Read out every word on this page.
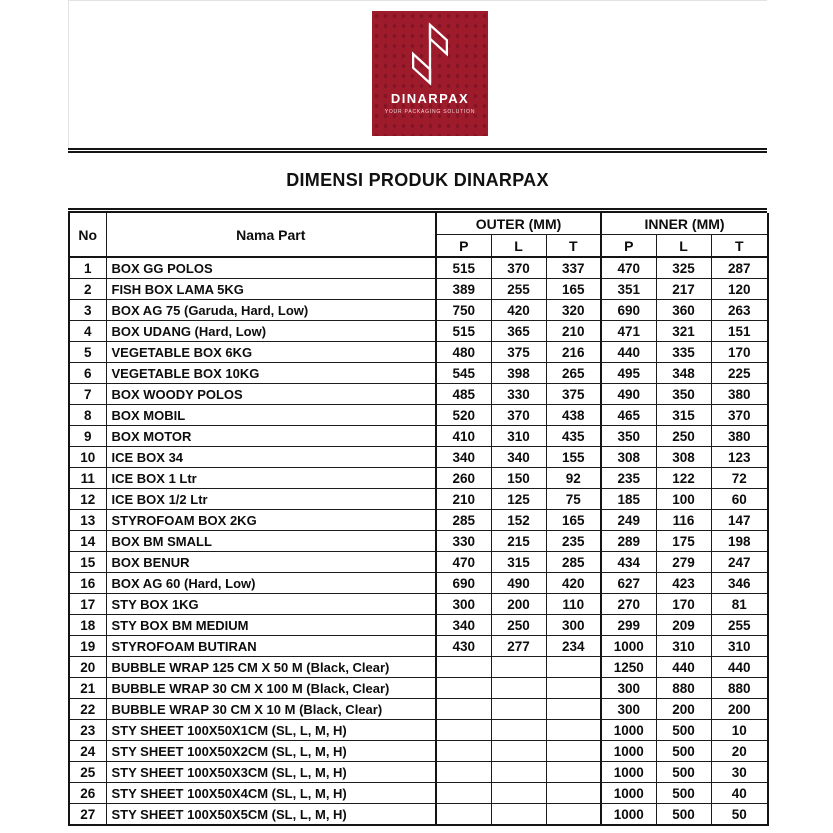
DINARPAX
YOUR PACKAGING SOLUTION
DIMENSI PRODUK DINARPAX
No	Nama Part	OUTER (MM)			INNER (MM)		
		P	L	T	P	L	T
1	BOX GG POLOS	515	370	337	470	325	287
2	FISH BOX LAMA 5KG	389	255	165	351	217	120
3	BOX AG 75 (Garuda, Hard, Low)	750	420	320	690	360	263
4	BOX UDANG (Hard, Low)	515	365	210	471	321	151
5	VEGETABLE BOX 6KG	480	375	216	440	335	170
6	VEGETABLE BOX 10KG	545	398	265	495	348	225
7	BOX WOODY POLOS	485	330	375	490	350	380
8	BOX MOBIL	520	370	438	465	315	370
9	BOX MOTOR	410	310	435	350	250	380
10	ICE BOX 34	340	340	155	308	308	123
11	ICE BOX 1 Ltr	260	150	92	235	122	72
12	ICE BOX 1/2 Ltr	210	125	75	185	100	60
13	STYROFOAM BOX 2KG	285	152	165	249	116	147
14	BOX BM SMALL	330	215	235	289	175	198
15	BOX BENUR	470	315	285	434	279	247
16	BOX AG 60 (Hard, Low)	690	490	420	627	423	346
17	STY BOX 1KG	300	200	110	270	170	81
18	STY BOX BM MEDIUM	340	250	300	299	209	255
19	STYROFOAM BUTIRAN	430	277	234	1000	310	310
20	BUBBLE WRAP 125 CM X 50 M (Black, Clear)				1250	440	440
21	BUBBLE WRAP 30 CM X 100 M (Black, Clear)				300	880	880
22	BUBBLE WRAP 30 CM X 10 M (Black, Clear)				300	200	200
23	STY SHEET 100X50X1CM (SL, L, M, H)				1000	500	10
24	STY SHEET 100X50X2CM (SL, L, M, H)				1000	500	20
25	STY SHEET 100X50X3CM (SL, L, M, H)				1000	500	30
26	STY SHEET 100X50X4CM (SL, L, M, H)				1000	500	40
27	STY SHEET 100X50X5CM (SL, L, M, H)				1000	500	50
